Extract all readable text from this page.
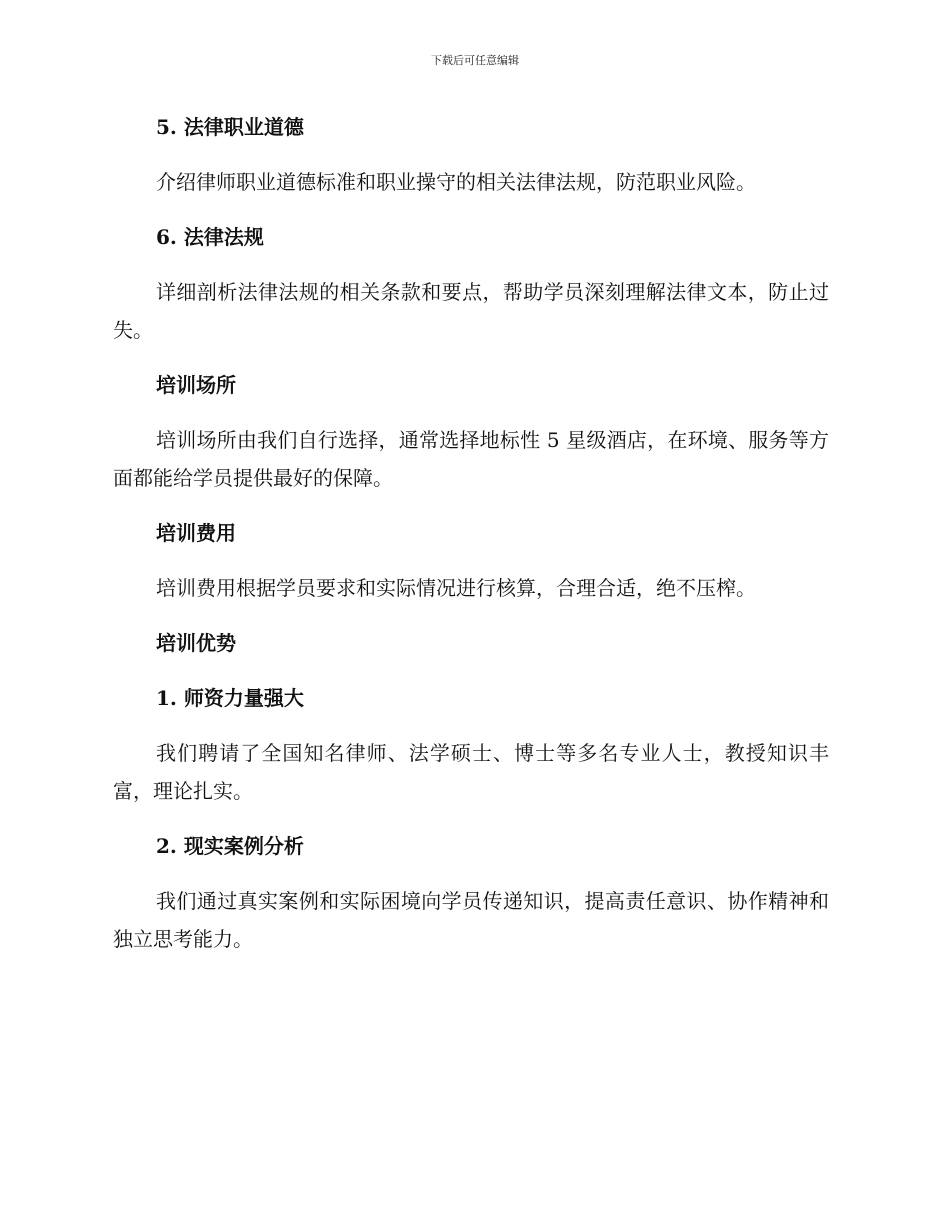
下载后可任意编辑
5. 法律职业道德

介绍律师职业道德标准和职业操守的相关法律法规，防范职业风险。

6. 法律法规

详细剖析法律法规的相关条款和要点，帮助学员深刻理解法律文本，防止过失。

培训场所

培训场所由我们自行选择，通常选择地标性 5 星级酒店，在环境、服务等方面都能给学员提供最好的保障。

培训费用

培训费用根据学员要求和实际情况进行核算，合理合适，绝不压榨。

培训优势
1. 师资力量强大

我们聘请了全国知名律师、法学硕士、博士等多名专业人士，教授知识丰富，理论扎实。

2. 现实案例分析

我们通过真实案例和实际困境向学员传递知识，提高责任意识、协作精神和独立思考能力。
